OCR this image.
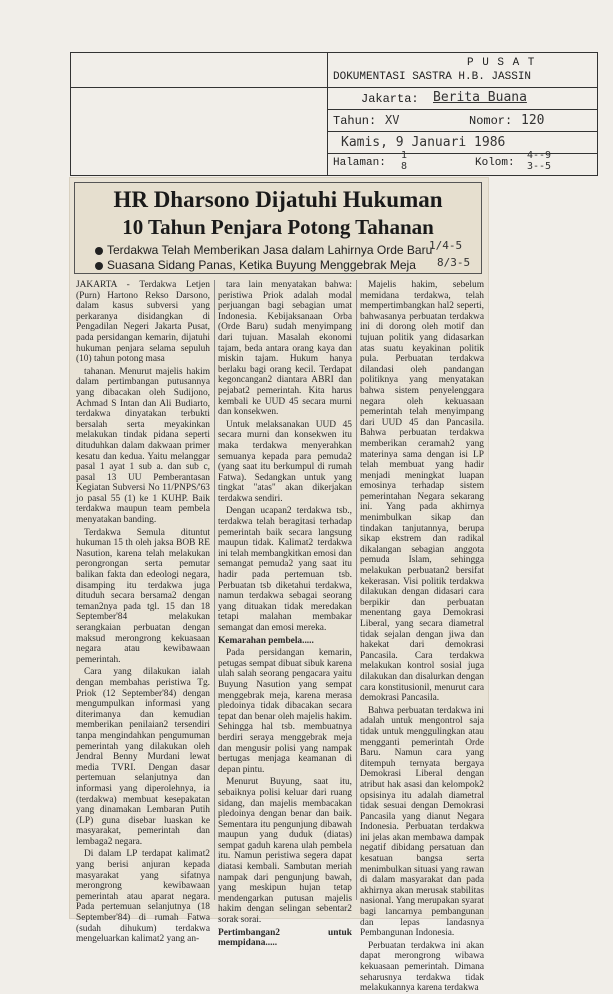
P U S A T
DOKUMENTASI SASTRA H.B. JASSIN
Jakarta: Berita Buana
Tahun: XV	Nomor: 120
Kamis, 9 Januari 1986
Halaman:
1
8	Kolom:
4--9
3--5
HR Dharsono Dijatuhi Hukuman
10 Tahun Penjara Potong Tahanan
Terdakwa Telah Memberikan Jasa dalam Lahirnya Orde Baru
Suasana Sidang Panas, Ketika Buyung Menggebrak Meja
1/4-5
8/3-5

JAKARTA - Terdakwa Letjen (Purn) Hartono Rekso Darsono, dalam kasus subversi yang perkaranya disidangkan di Pengadilan Negeri Jakarta Pusat, pada persidangan kemarin, dijatuhi hukuman penjara selama sepuluh (10) tahun potong masa

tahanan. Menurut majelis hakim dalam pertimbangan putusannya yang dibacakan oleh Sudijono, Achmad S Intan dan Ali Budiarto, terdakwa dinyatakan terbukti bersalah serta meyakinkan melakukan tindak pidana seperti dituduhkan dalam dakwaan primer kesatu dan kedua. Yaitu melanggar pasal 1 ayat 1 sub a. dan sub c, pasal 13 UU Pemberantasan Kegiatan Subversi No 11/PNPS/'63 jo pasal 55 (1) ke 1 KUHP. Baik terdakwa maupun team pembela menyatakan banding.

Terdakwa Semula dituntut hukuman 15 th oleh jaksa BOB RE Nasution, karena telah melakukan perongrongan serta pemutar balikan fakta dan edeologi negara, disamping itu terdakwa juga dituduh secara bersama2 dengan teman2nya pada tgl. 15 dan 18 September'84 melakukan serangkaian perbuatan dengan maksud merongrong kekuasaan negara atau kewibawaan pemerintah.

Cara yang dilakukan ialah dengan membahas peristiwa Tg. Priok (12 September'84) dengan mengumpulkan informasi yang diterimanya dan kemudian memberikan penilaian2 tersendiri tanpa mengindahkan pengumuman pemerintah yang dilakukan oleh Jendral Benny Murdani lewat media TVRI. Dengan dasar pertemuan selanjutnya dan informasi yang diperolehnya, ia (terdakwa) membuat kesepakatan yang dinamakan Lembaran Putih (LP) guna disebar luaskan ke masyarakat, pemerintah dan lembaga2 negara.

Di dalam LP terdapat kalimat2 yang berisi anjuran kepada masyarakat yang sifatnya merongrong kewibawaan pemerintah atau aparat negara. Pada pertemuan selanjutnya (18 September'84) di rumah Fatwa (sudah dihukum) terdakwa mengeluarkan kalimat2 yang an-

tara lain menyatakan bahwa: peristiwa Priok adalah modal perjuangan bagi sebagian umat Indonesia. Kebijaksanaan Orba (Orde Baru) sudah menyimpang dari tujuan. Masalah ekonomi tajam, beda antara orang kaya dan miskin tajam. Hukum hanya berlaku bagi orang kecil. Terdapat kegoncangan2 diantara ABRI dan pejabat2 pemerintah. Kita harus kembali ke UUD 45 secara murni dan konsekwen.

Untuk melaksanakan UUD 45 secara murni dan konsekwen itu maka terdakwa menyerahkan semuanya kepada para pemuda2 (yang saat itu berkumpul di rumah Fatwa). Sedangkan untuk yang tingkat "atas" akan dikerjakan terdakwa sendiri.

Dengan ucapan2 terdakwa tsb., terdakwa telah beragitasi terhadap pemerintah baik secara langsung maupun tidak. Kalimat2 terdakwa ini telah membangkitkan emosi dan semangat pemuda2 yang saat itu hadir pada pertemuan tsb. Perbuatan tsb diketahui terdakwa, namun terdakwa sebagai seorang yang dituakan tidak meredakan tetapi malahan membakar semangat dan emosi mereka.

Kemarahan pembela.....

Pada persidangan kemarin, petugas sempat dibuat sibuk karena ulah salah seorang pengacara yaitu Buyung Nasution yang sempat menggebrak meja, karena merasa pledoinya tidak dibacakan secara tepat dan benar oleh majelis hakim. Sehingga hal tsb. membuatnya berdiri seraya menggebrak meja dan mengusir polisi yang nampak bertugas menjaga keamanan di depan pintu.

Menurut Buyung, saat itu, sebaiknya polisi keluar dari ruang sidang, dan majelis membacakan pledoinya dengan benar dan baik. Sementara itu pengunjung dibawah maupun yang duduk (diatas) sempat gaduh karena ulah pembela itu. Namun peristiwa segera dapat diatasi kembali. Sambutan meriah nampak dari pengunjung bawah, yang meskipun hujan tetap mendengarkan putusan majelis hakim dengan selingan sebentar2 sorak sorai.

Pertimbangan2 untuk mempidana.....

Majelis hakim, sebelum memidana terdakwa, telah mempertimbangkan hal2 seperti, bahwasanya perbuatan terdakwa ini di dorong oleh motif dan tujuan politik yang didasarkan atas suatu keyakinan politik pula. Perbuatan terdakwa dilandasi oleh pandangan politiknya yang menyatakan bahwa sistem penyelenggara negara oleh kekuasaan pemerintah telah menyimpang dari UUD 45 dan Pancasila. Bahwa perbuatan terdakwa memberikan ceramah2 yang materinya sama dengan isi LP telah membuat yang hadir menjadi meningkat luapan emosinya terhadap sistem pemerintahan Negara sekarang ini. Yang pada akhirnya menimbulkan sikap dan tindakan tanjutannya, berupa sikap ekstrem dan radikal dikalangan sebagian anggota pemuda Islam, sehingga melakukan perbuatan2 bersifat kekerasan. Visi politik terdakwa dilakukan dengan didasari cara berpikir dan perbuatan menentang gaya Demokrasi Liberal, yang secara diametral tidak sejalan dengan jiwa dan hakekat dari demokrasi Pancasila. Cara terdakwa melakukan kontrol sosial juga dilakukan dan disalurkan dengan cara konstitusionil, menurut cara demokrasi Pancasila.

Bahwa perbuatan terdakwa ini adalah untuk mengontrol saja tidak untuk menggulingkan atau mengganti pemerintah Orde Baru. Namun cara yang ditempuh ternyata bergaya Demokrasi Liberal dengan atribut hak asasi dan kelompok2 opsisinya itu adalah diametral tidak sesuai dengan Demokrasi Pancasila yang dianut Negara Indonesia. Perbuatan terdakwa ini jelas akan membawa dampak negatif dibidang persatuan dan kesatuan bangsa serta menimbulkan situasi yang rawan di dalam masyarakat dan pada akhirnya akan merusak stabilitas nasional. Yang merupakan syarat bagi lancarnya pembangunan dan lepas landasnya Pembangunan Indonesia.

Perbuatan terdakwa ini akan dapat merongrong wibawa kekuasaan pemerintah. Dimana seharusnya terdakwa tidak melakukannya karena terdakwa
